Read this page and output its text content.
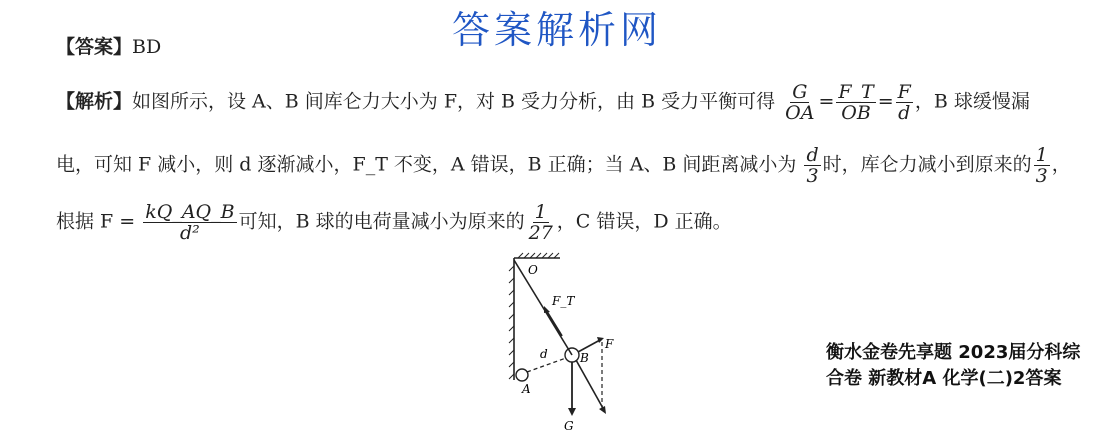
答案解析网
【答案】BD
【解析】如图所示，设 A、B 间库仑力大小为 F，对 B 受力分析，由 B 受力平衡可得 $\frac{G}{OA} = \frac{F\_T}{OB} = \frac{F}{d}$ ，B 球缓慢漏
电，可知 F 减小，则 d 逐渐减小，F_T 不变，A 错误，B 正确；当 A、B 间距离减小为 $\frac{d}{3}$ 时，库仑力减小到原来的 $\frac{1}{3}$ ，
根据 $F = \frac{kQ\_AQ\_B}{\text{d²}}$ 可知，B 球的电荷量减小为原来的 $\frac{1}{27}$ ，C 错误，D 正确。
O
F_T
d	B
F
A
G
衡水金卷先享题 2023届分科综合卷 新教材A 化学(二)2答案
